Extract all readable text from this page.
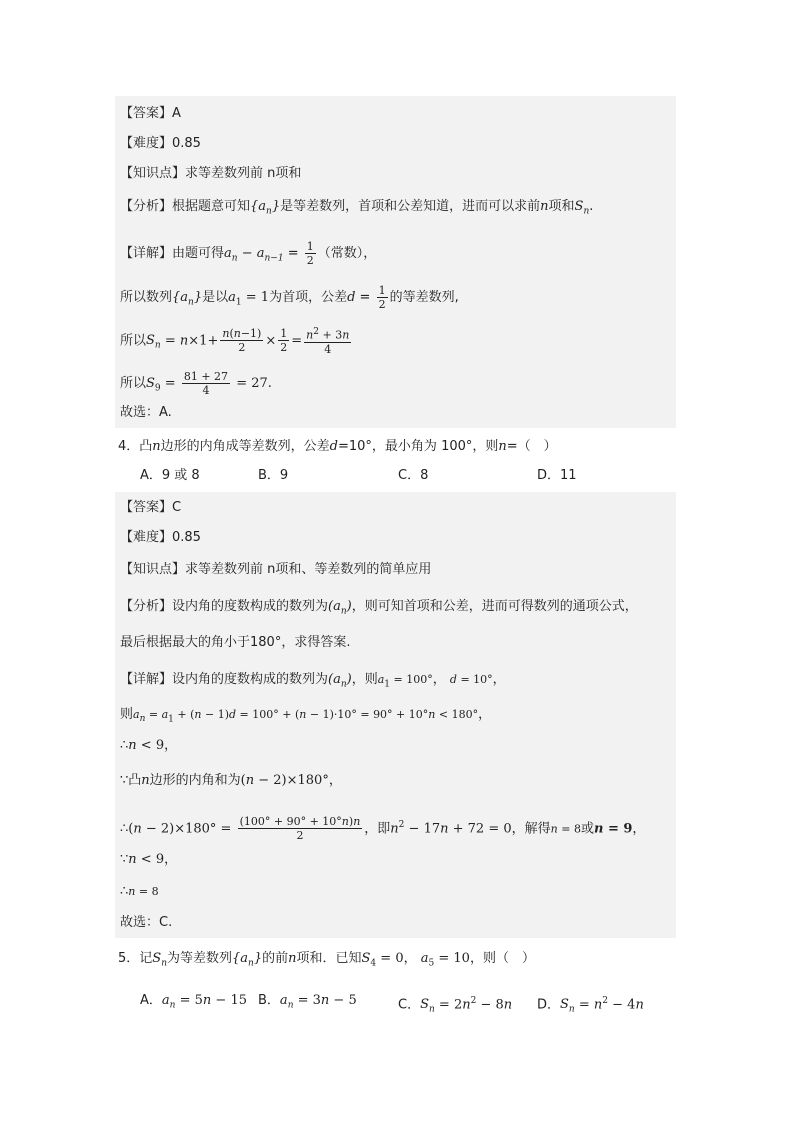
【答案】A
【难度】0.85
【知识点】求等差数列前 n项和
【分析】根据题意可知$\{a_n\}$是等差数列，首项和公差知道，进而可以求前n项和$S_n$.
【详解】由题可得$a_n - a_{n-1} = \frac{1}{2}$ （常数），
所以数列$\{a_n\}$是以$a_1 = 1$为首项，公差$d = \frac{1}{2}$ 的等差数列,
所以$S_n = n\times 1+ \frac{n(n-1)}{2} \times \frac{1}{2} = \frac{n^2 + 3n}{4}$
所以$S_9 = \frac{81 + 27}{4} = 27$.
故选：A.
4．凸n边形的内角成等差数列，公差d=10°，最小角为 100°，则n=（　）
A．9 或 8	B．9	C．8	D．11
【答案】C
【难度】0.85
【知识点】求等差数列前 n项和、等差数列的简单应用
【分析】设内角的度数构成的数列为$(a_n)$，则可知首项和公差，进而可得数列的通项公式，
最后根据最大的角小于180°，求得答案.
【详解】设内角的度数构成的数列为$(a_n)$，则$a_1 = 100^\circ$， d = 10°，
则$a_n = a_1 + (n - 1)d = 100^\circ + (n - 1)\cdot 10^\circ = 90^\circ + 10^\circ n < 180^\circ$，
∴n < 9，
∵凸n边形的内角和为(n − 2)×180°，
∴(n − $2)\times 180^\circ = \frac{(100^\circ + 90^\circ + 10^\circ n)n}{2}$ ，即$n^2 - 17n + 72 = 0$，解得n = 8或n = 9，
∵n < 9，
∴n = 8
故选：C.
5．记$S_n$为等差数列$\{a_n\}$的前n项和．已知$S_4 = 0$， $a_5 = 10$，则（　）
A．$a_n = 5n - 15$ B．$a_n = 3n - 5$	C．$S_n = 2n^2 - 8n$ D．$S_n = n^2 - 4n$
